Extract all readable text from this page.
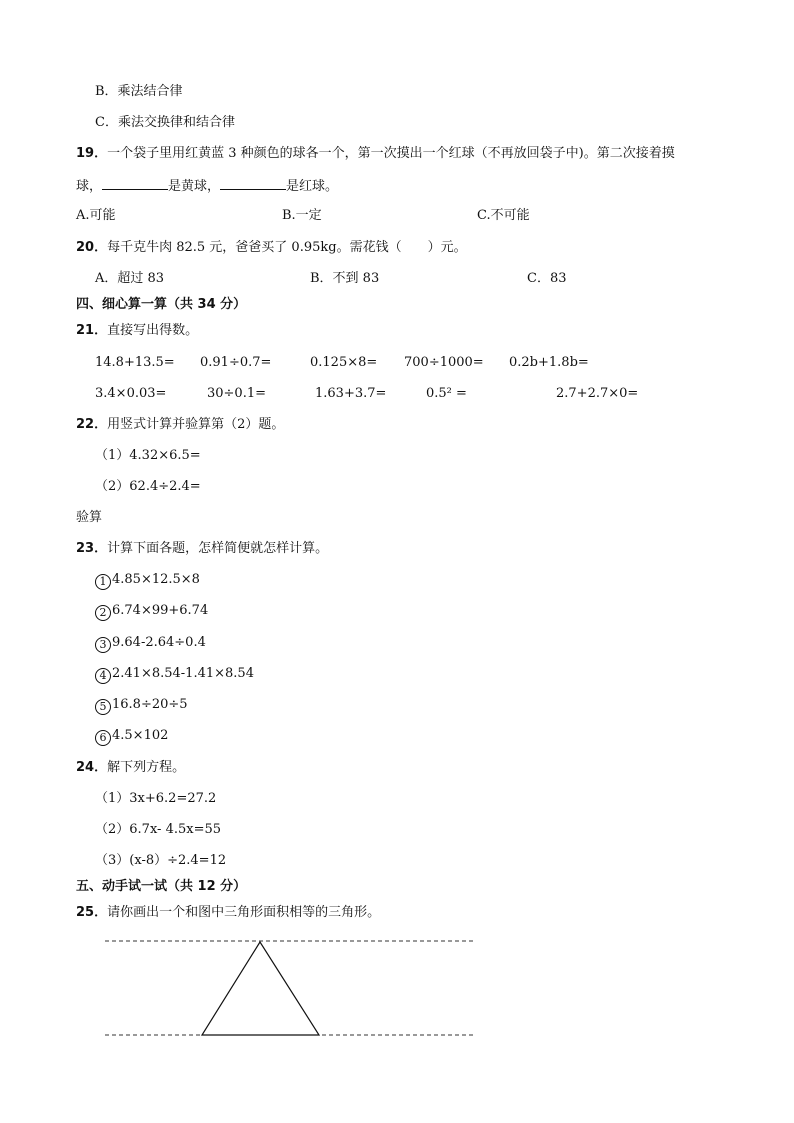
B．乘法结合律
C．乘法交换律和结合律
19．一个袋子里用红黄蓝 3 种颜色的球各一个，第一次摸出一个红球（不再放回袋子中)。第二次接着摸
球，	是黄球，	是红球。
A.可能	B.一定	C.不可能
20．每千克牛肉 82.5 元，爸爸买了 0.95kg。需花钱（　　）元。
A．超过 83	B．不到 83	C．83
四、细心算一算（共 34 分）
21．直接写出得数。
14.8+13.5= 0.91÷0.7=	0.125×8= 700÷1000= 0.2b+1.8b=
3.4×0.03=	30÷0.1=	1.63+3.7=	0.5² =	2.7+2.7×0=
22．用竖式计算并验算第（2）题。
（1）4.32×6.5=
（2）62.4÷2.4=
验算
23．计算下面各题，怎样简便就怎样计算。
1 4.85×12.5×8
2 6.74×99+6.74
3 9.64-2.64÷0.4
4 2.41×8.54-1.41×8.54
5 16.8÷20÷5
6 4.5×102
24．解下列方程。
（1）3x+6.2=27.2
（2）6.7x- 4.5x=55
（3）(x-8）÷2.4=12
五、动手试一试（共 12 分）
25．请你画出一个和图中三角形面积相等的三角形。
